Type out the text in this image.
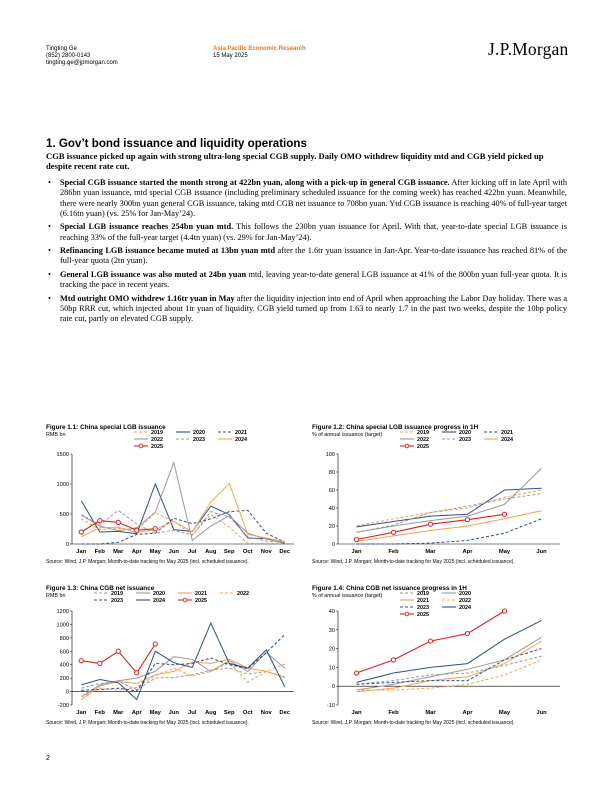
Tingting Ge
(852) 2800-0143
tingting.ge@jpmorgan.com
Asia Pacific Economic Research
15 May 2025	J.P.Morgan
1. Gov’t bond issuance and liquidity operations
CGB issuance picked up again with strong ultra-long special CGB supply. Daily OMO withdrew liquidity mtd and CGB yield picked up despite recent rate cut.
• Special CGB issuance started the month strong at 422bn yuan, along with a pick-up in general CGB issuance. After kicking off in late April with 286bn yuan issuance, mtd special CGB issuance (including preliminary scheduled issuance for the coming week) has reached 422bn yuan. Meanwhile, there were nearly 300bn yuan general CGB issuance, taking mtd CGB net issuance to 708bn yuan. Ytd CGB issuance is reaching 40% of full-year target (6.16tn yuan) (vs. 25% for Jan-May’24).
• Special LGB issuance reaches 254bn yuan mtd. This follows the 230bn yuan issuance for April. With that, year-to-date special LGB issuance is reaching 33% of the full-year target (4.4tn yuan) (vs. 29% for Jan-May’24).
• Refinancing LGB issuance became muted at 13bn yuan mtd after the 1.6tr yuan issuance in Jan-Apr. Year-to-date issuance has reached 81% of the full-year quota (2tn yuan).
• General LGB issuance was also muted at 24bn yuan mtd, leaving year-to-date general LGB issuance at 41% of the 800bn yuan full-year quota. It is tracking the pace in recent years.
• Mtd outright OMO withdrew 1.16tr yuan in May after the liquidity injection into end of April when approaching the Labor Day holiday. There was a 50bp RRR cut, which injected about 1tr yuan of liquidity. CGB yield turned up from 1.63 to nearly 1.7 in the past two weeks, despite the 10bp policy rate cut, partly on elevated CGB supply.
Figure 1.1: China special LGB issuance
RMB bn	2019	2020	2021
2022	2023	2024
2025
0
500
1000
1500
Jan Feb Mar Apr May Jun Jul Aug Sep Oct Nov Dec
Source: Wind, J.P. Morgan; Month-to-date tracking for May 2025 (incl. scheduled issuance).
Figure 1.2: China special LGB issuance progress in 1H
% of annual issuance (target)	2019	2020	2021
2022	2023	2024
2025
0
20
40
60
80
100
Jan	Feb	Mar	Apr	May	Jun
Source: Wind, J.P. Morgan; Month-to-date tracking for May 2025 (incl. scheduled issuance).
Figure 1.3: China CGB net issuance
RMB bn	2019	2020	2021	2022
2023	2024	2025
-200
0
200
400
600
800
1000
1200
Jan Feb Mar Apr May Jun Jul Aug Sep Oct Nov Dec
Source: Wind, J.P. Morgan; Month-to-date tracking for May 2025 (incl. scheduled issuance).
Figure 1.4: China CGB net issuance progress in 1H
% of annual issuance (target)	2019	2020
2021	2022
2023	2024
2025
-10
0
10
20
30
40
Jan	Feb	Mar	Apr	May	Jun
Source: Wind, J.P. Morgan; Month-to-date tracking for May 2025 (incl. scheduled issuance).
2
